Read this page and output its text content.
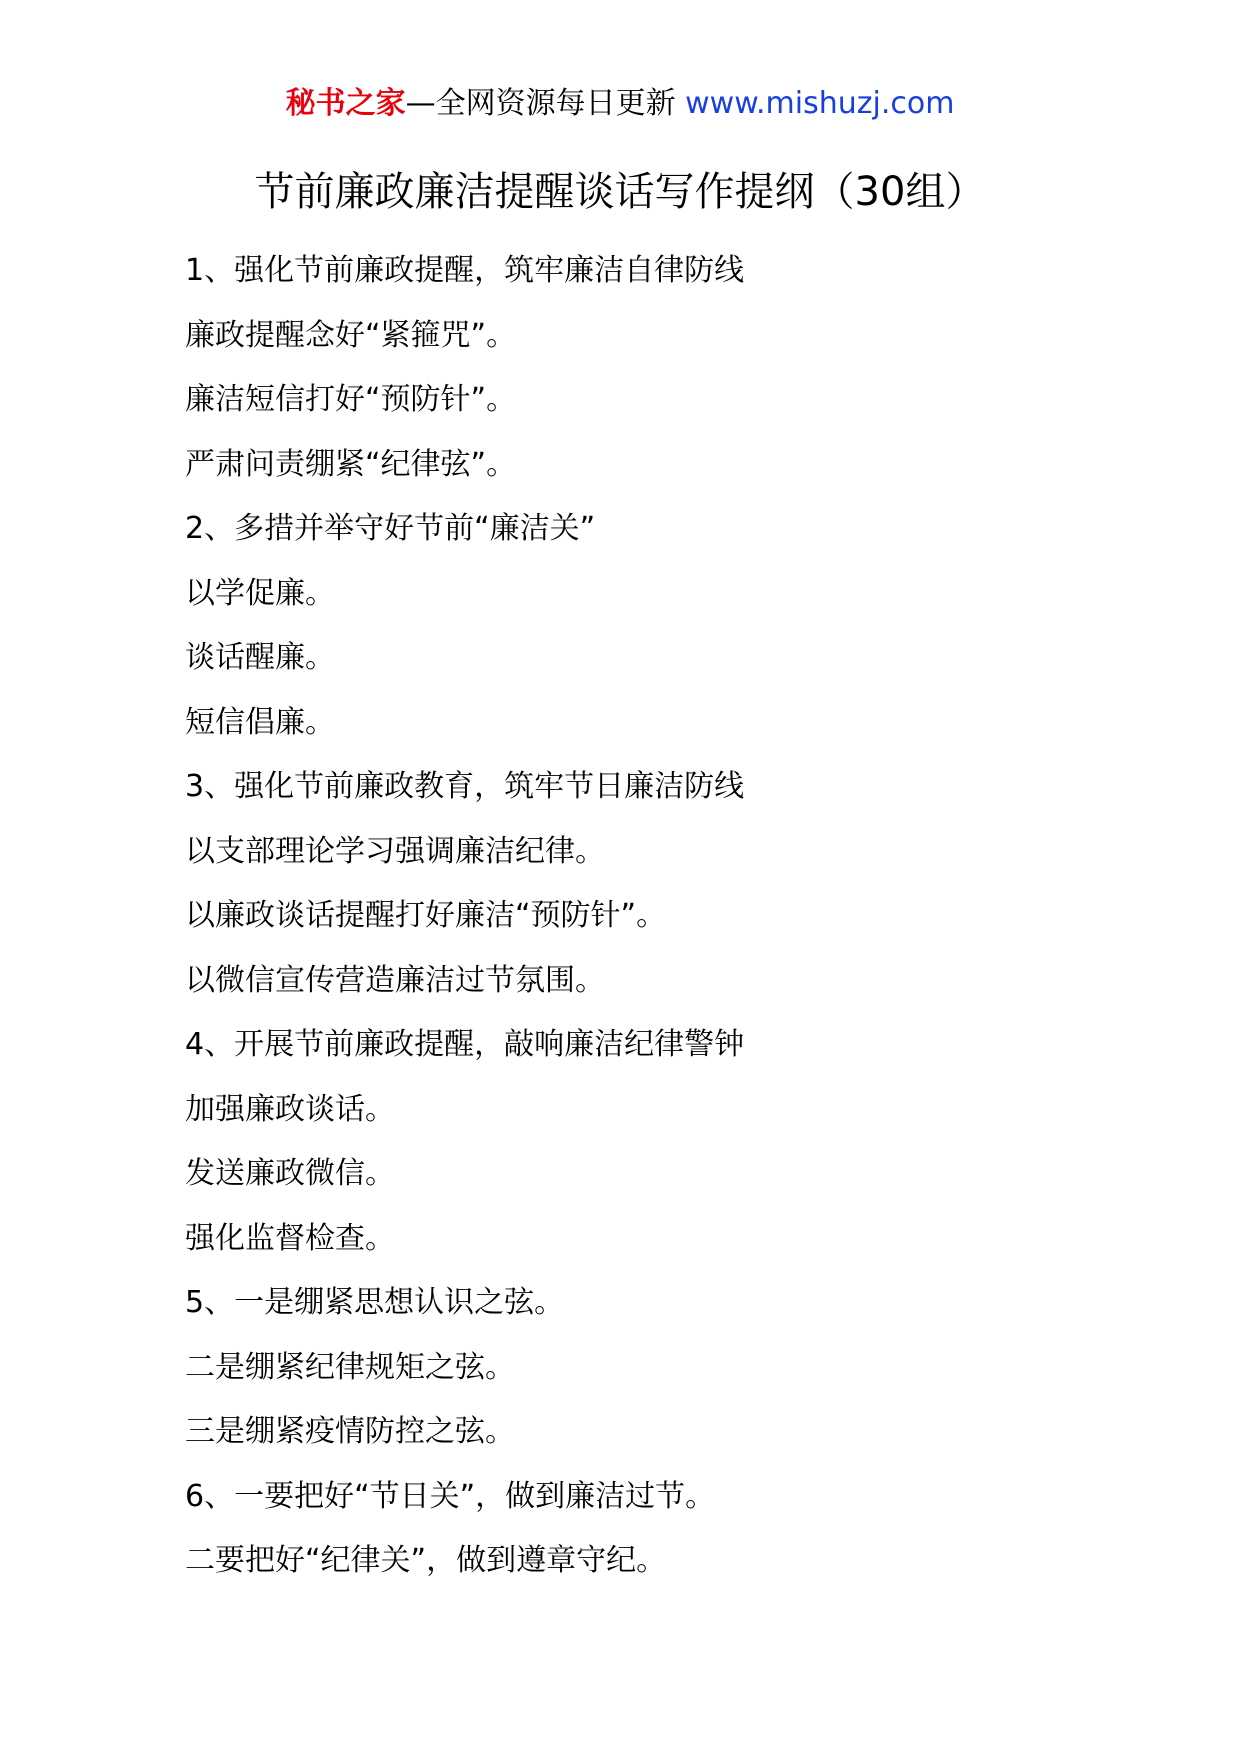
秘书之家—全网资源每日更新 www.mishuzj.com
节前廉政廉洁提醒谈话写作提纲（30组）
1、强化节前廉政提醒，筑牢廉洁自律防线
廉政提醒念好“紧箍咒”。
廉洁短信打好“预防针”。
严肃问责绷紧“纪律弦”。
2、多措并举守好节前“廉洁关”
以学促廉。
谈话醒廉。
短信倡廉。
3、强化节前廉政教育，筑牢节日廉洁防线
以支部理论学习强调廉洁纪律。
以廉政谈话提醒打好廉洁“预防针”。
以微信宣传营造廉洁过节氛围。
4、开展节前廉政提醒，敲响廉洁纪律警钟
加强廉政谈话。
发送廉政微信。
强化监督检查。
5、一是绷紧思想认识之弦。
二是绷紧纪律规矩之弦。
三是绷紧疫情防控之弦。
6、一要把好“节日关”，做到廉洁过节。
二要把好“纪律关”，做到遵章守纪。
